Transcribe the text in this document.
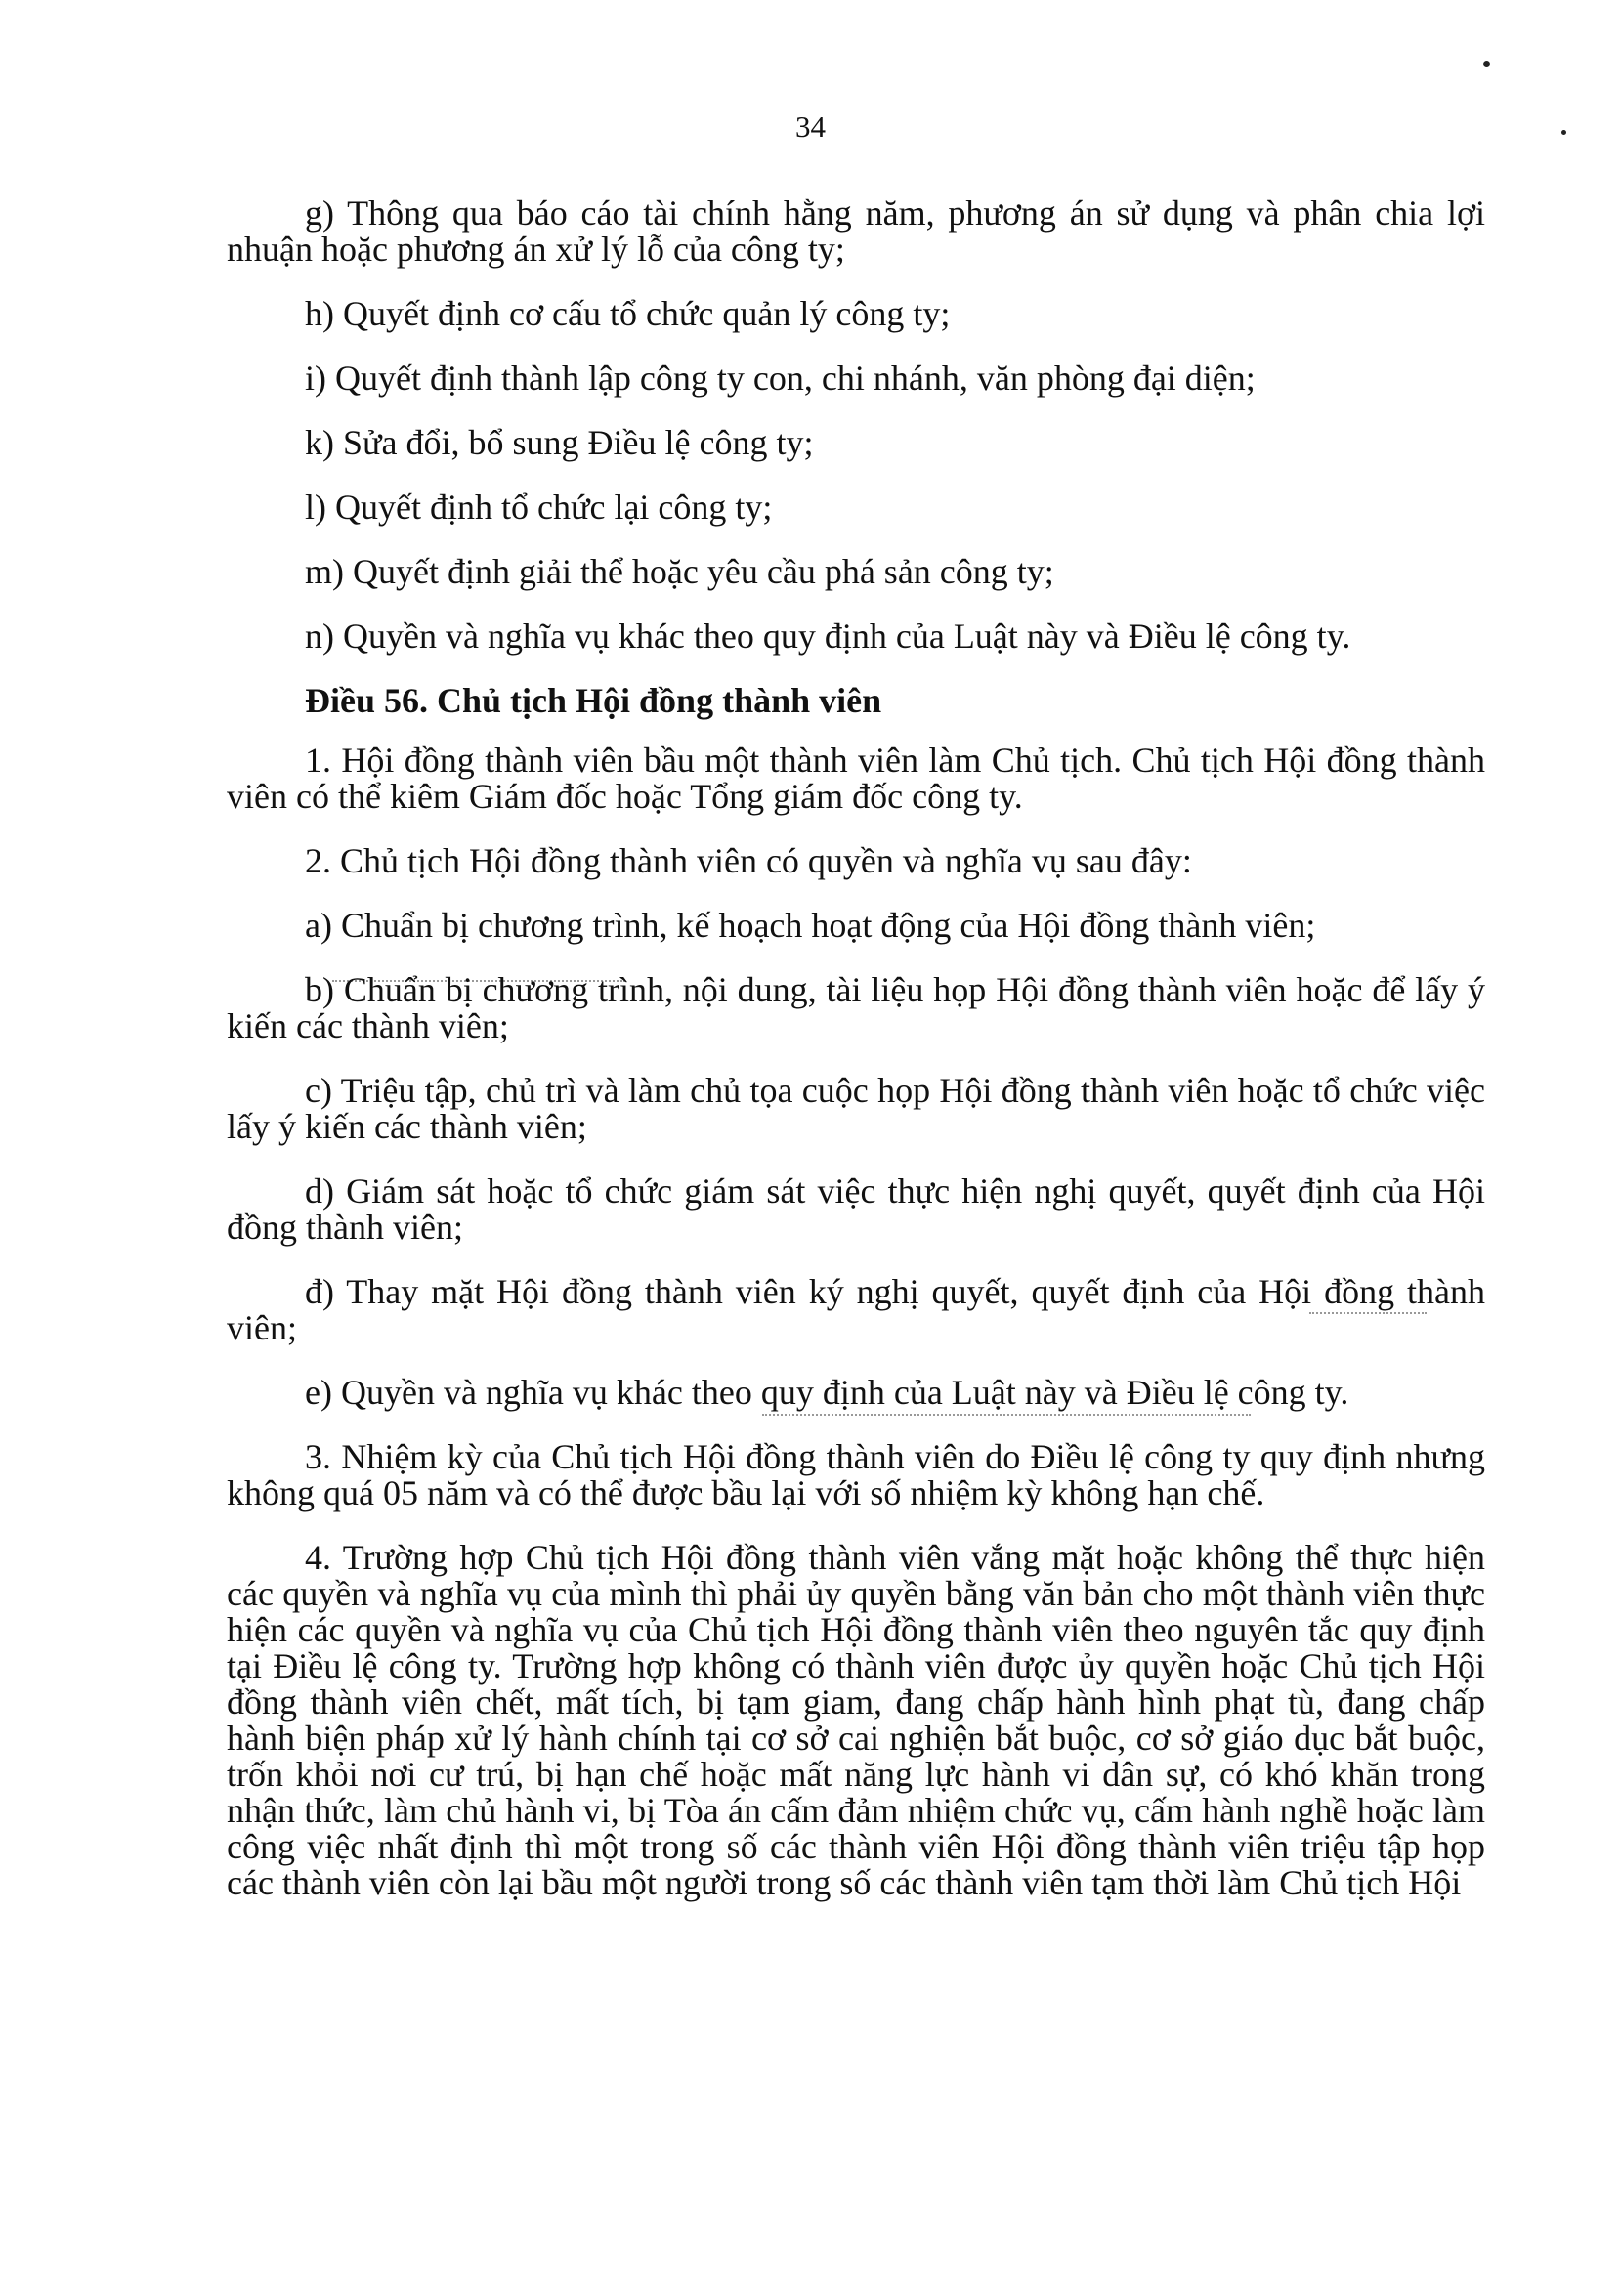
34

g) Thông qua báo cáo tài chính hằng năm, phương án sử dụng và phân chia lợi nhuận hoặc phương án xử lý lỗ của công ty;

h) Quyết định cơ cấu tổ chức quản lý công ty;

i) Quyết định thành lập công ty con, chi nhánh, văn phòng đại diện;

k) Sửa đổi, bổ sung Điều lệ công ty;

l) Quyết định tổ chức lại công ty;

m) Quyết định giải thể hoặc yêu cầu phá sản công ty;

n) Quyền và nghĩa vụ khác theo quy định của Luật này và Điều lệ công ty.

Điều 56. Chủ tịch Hội đồng thành viên

1. Hội đồng thành viên bầu một thành viên làm Chủ tịch. Chủ tịch Hội đồng thành viên có thể kiêm Giám đốc hoặc Tổng giám đốc công ty.

2. Chủ tịch Hội đồng thành viên có quyền và nghĩa vụ sau đây:

a) Chuẩn bị chương trình, kế hoạch hoạt động của Hội đồng thành viên;

b) Chuẩn bị chương trình, nội dung, tài liệu họp Hội đồng thành viên hoặc để lấy ý kiến các thành viên;

c) Triệu tập, chủ trì và làm chủ tọa cuộc họp Hội đồng thành viên hoặc tổ chức việc lấy ý kiến các thành viên;

d) Giám sát hoặc tổ chức giám sát việc thực hiện nghị quyết, quyết định của Hội đồng thành viên;

đ) Thay mặt Hội đồng thành viên ký nghị quyết, quyết định của Hội đồng thành viên;

e) Quyền và nghĩa vụ khác theo quy định của Luật này và Điều lệ công ty.

3. Nhiệm kỳ của Chủ tịch Hội đồng thành viên do Điều lệ công ty quy định nhưng không quá 05 năm và có thể được bầu lại với số nhiệm kỳ không hạn chế.

4. Trường hợp Chủ tịch Hội đồng thành viên vắng mặt hoặc không thể thực hiện các quyền và nghĩa vụ của mình thì phải ủy quyền bằng văn bản cho một thành viên thực hiện các quyền và nghĩa vụ của Chủ tịch Hội đồng thành viên theo nguyên tắc quy định tại Điều lệ công ty. Trường hợp không có thành viên được ủy quyền hoặc Chủ tịch Hội đồng thành viên chết, mất tích, bị tạm giam, đang chấp hành hình phạt tù, đang chấp hành biện pháp xử lý hành chính tại cơ sở cai nghiện bắt buộc, cơ sở giáo dục bắt buộc, trốn khỏi nơi cư trú, bị hạn chế hoặc mất năng lực hành vi dân sự, có khó khăn trong nhận thức, làm chủ hành vi, bị Tòa án cấm đảm nhiệm chức vụ, cấm hành nghề hoặc làm công việc nhất định thì một trong số các thành viên Hội đồng thành viên triệu tập họp các thành viên còn lại bầu một người trong số các thành viên tạm thời làm Chủ tịch Hội
